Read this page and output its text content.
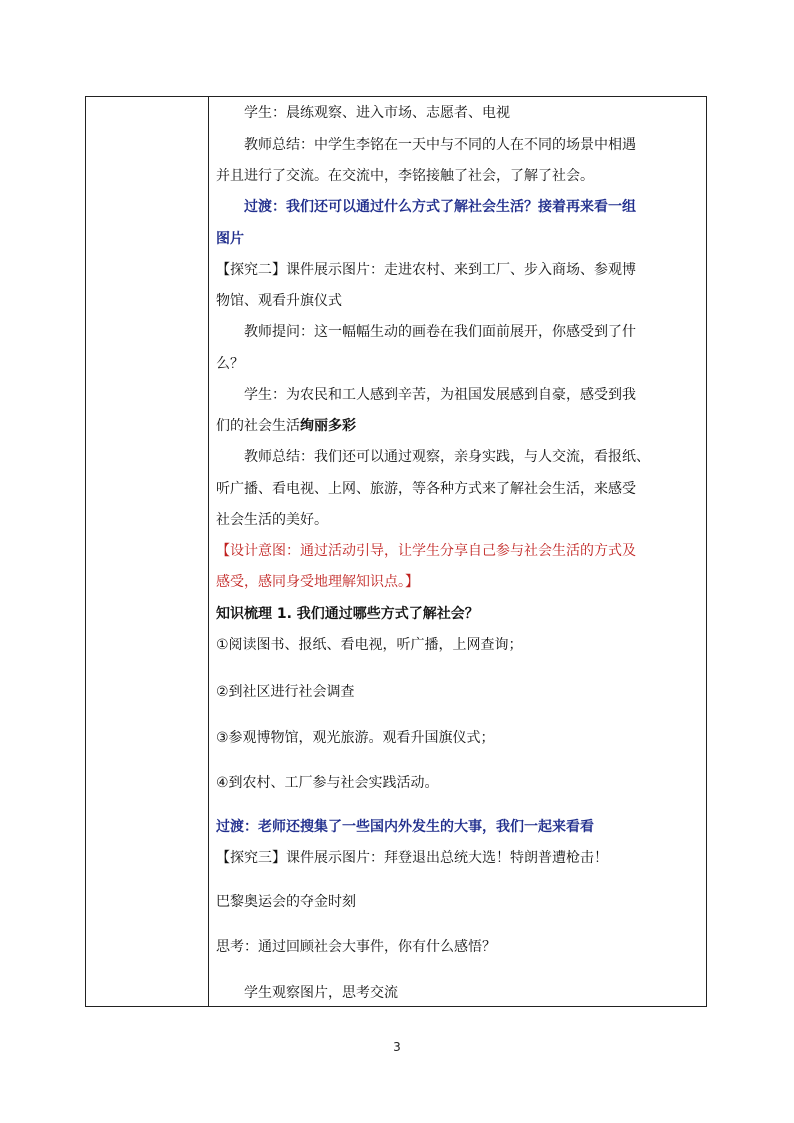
学生：晨练观察、进入市场、志愿者、电视
教师总结：中学生李铭在一天中与不同的人在不同的场景中相遇
并且进行了交流。在交流中，李铭接触了社会，了解了社会。
过渡：我们还可以通过什么方式了解社会生活？接着再来看一组
图片
【探究二】课件展示图片：走进农村、来到工厂、步入商场、参观博
物馆、观看升旗仪式
教师提问：这一幅幅生动的画卷在我们面前展开，你感受到了什
么？
学生：为农民和工人感到辛苦，为祖国发展感到自豪，感受到我
们的社会生活绚丽多彩
教师总结：我们还可以通过观察，亲身实践，与人交流，看报纸、
听广播、看电视、上网、旅游，等各种方式来了解社会生活，来感受
社会生活的美好。
【设计意图：通过活动引导，让学生分享自己参与社会生活的方式及
感受，感同身受地理解知识点。】
知识梳理 1. 我们通过哪些方式了解社会？
①阅读图书、报纸、看电视，听广播，上网查询；
②到社区进行社会调查
③参观博物馆，观光旅游。观看升国旗仪式；
④到农村、工厂参与社会实践活动。
过渡：老师还搜集了一些国内外发生的大事，我们一起来看看
【探究三】课件展示图片：拜登退出总统大选！特朗普遭枪击！
巴黎奥运会的夺金时刻
思考：通过回顾社会大事件，你有什么感悟？
学生观察图片，思考交流
3
